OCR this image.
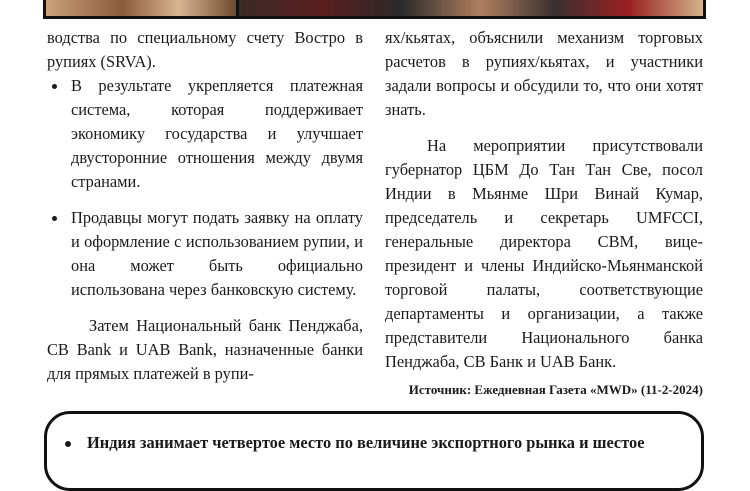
водства по специальному счету Востро в рупиях (SRVA).

В результате укрепляется платежная система, которая поддерживает экономику государства и улучшает двусторонние отношения между двумя странами.
Продавцы могут подать заявку на оплату и оформление с использованием рупии, и она может быть официально использована через банковскую систему.

Затем Национальный банк Пенджаба, CB Bank и UAB Bank, назначенные банки для прямых платежей в рупи-

ях/кьятах, объяснили механизм торговых расчетов в рупиях/кьятах, и участники задали вопросы и обсудили то, что они хотят знать.

На мероприятии присутствовали губернатор ЦБМ До Тан Тан Све, посол Индии в Мьянме Шри Винай Кумар, председатель и секретарь UMFCCI, генеральные директора CBM, вице-президент и члены Индийско-Мьянманской торговой палаты, соответствующие департаменты и организации, а также представители Национального банка Пенджаба, CB Банк и UAB Банк.

Источник: Ежедневная Газета «MWD» (11-2-2024)
Индия занимает четвертое место по величине экспортного рынка и шестое
